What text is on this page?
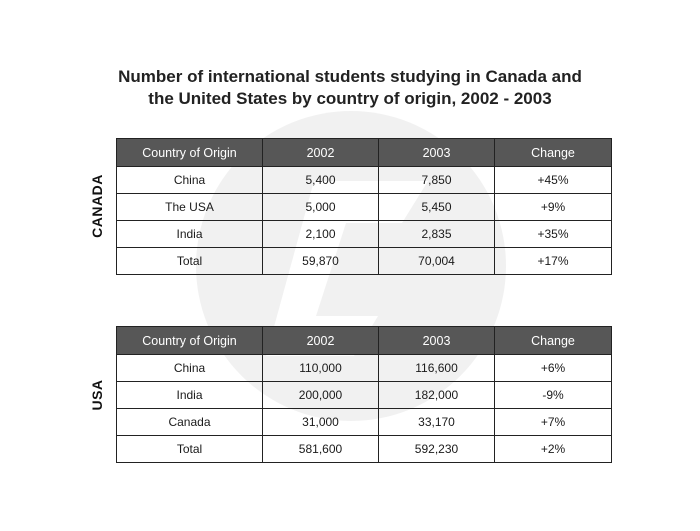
Number of international students studying in Canada and
the United States by country of origin, 2002 - 2003
CANADA
Country of Origin	2002	2003	Change
China	5,400	7,850	+45%
The USA	5,000	5,450	+9%
India	2,100	2,835	+35%
Total	59,870	70,004	+17%
USA
Country of Origin	2002	2003	Change
China	110,000	116,600	+6%
India	200,000	182,000	-9%
Canada	31,000	33,170	+7%
Total	581,600	592,230	+2%
